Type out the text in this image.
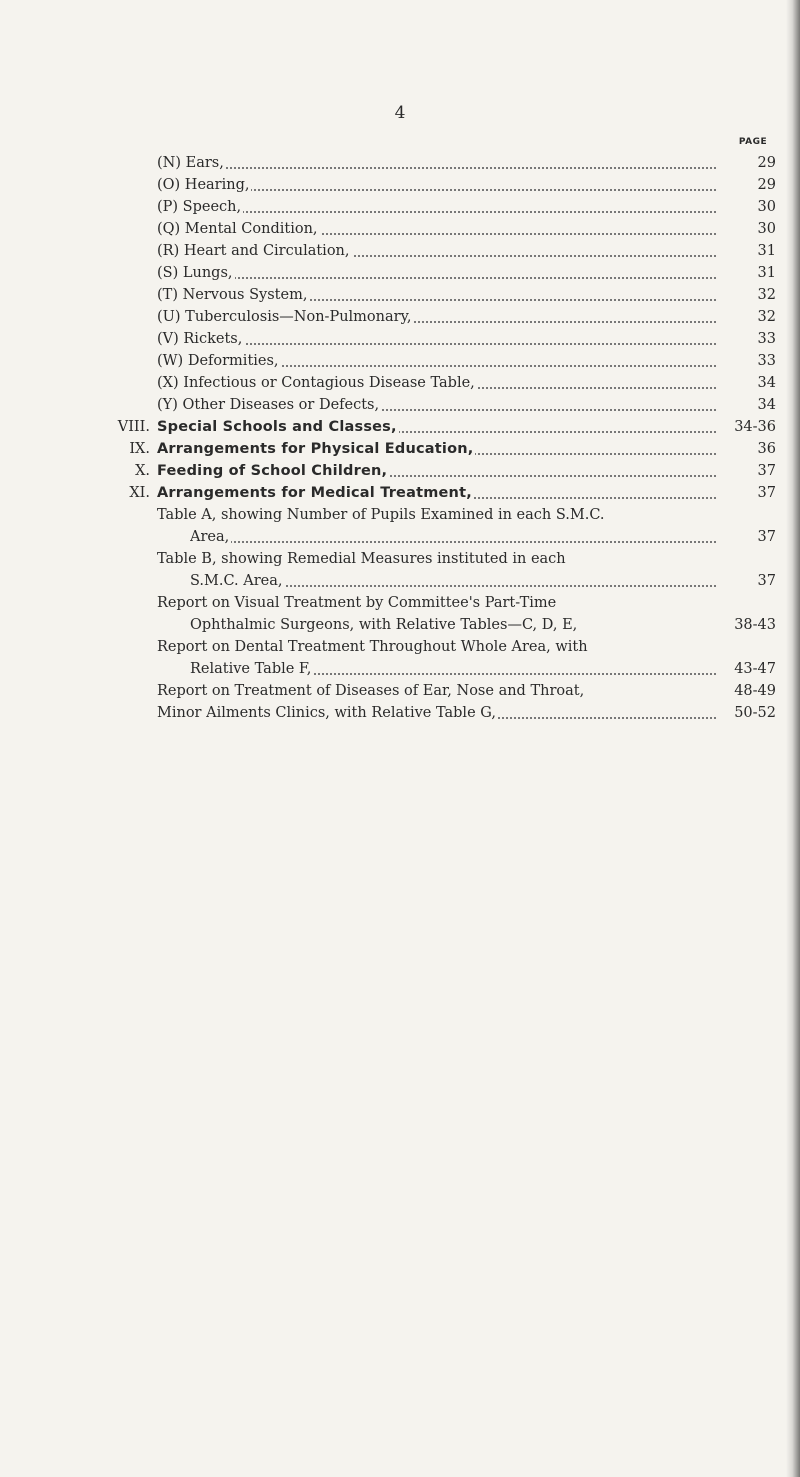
4
PAGE
(N) Ears,	29
(O) Hearing,	29
(P) Speech,	30
(Q) Mental Condition,	30
(R) Heart and Circulation,	31
(S) Lungs,	31
(T) Nervous System,	32
(U) Tuberculosis—Non-Pulmonary,	32
(V) Rickets,	33
(W) Deformities,	33
(X) Infectious or Contagious Disease Table,	34
(Y) Other Diseases or Defects,	34
VIII. Special Schools and Classes,	34-36
IX. Arrangements for Physical Education,	36
X. Feeding of School Children,	37
XI. Arrangements for Medical Treatment,	37
Table A, showing Number of Pupils Examined in each S.M.C.
Area,	37
Table B, showing Remedial Measures instituted in each
S.M.C. Area,	37
Report on Visual Treatment by Committee's Part-Time
Ophthalmic Surgeons, with Relative Tables—C, D, E,	38-43
Report on Dental Treatment Throughout Whole Area, with
Relative Table F,	43-47
Report on Treatment of Diseases of Ear, Nose and Throat,	48-49
Minor Ailments Clinics, with Relative Table G,	50-52
